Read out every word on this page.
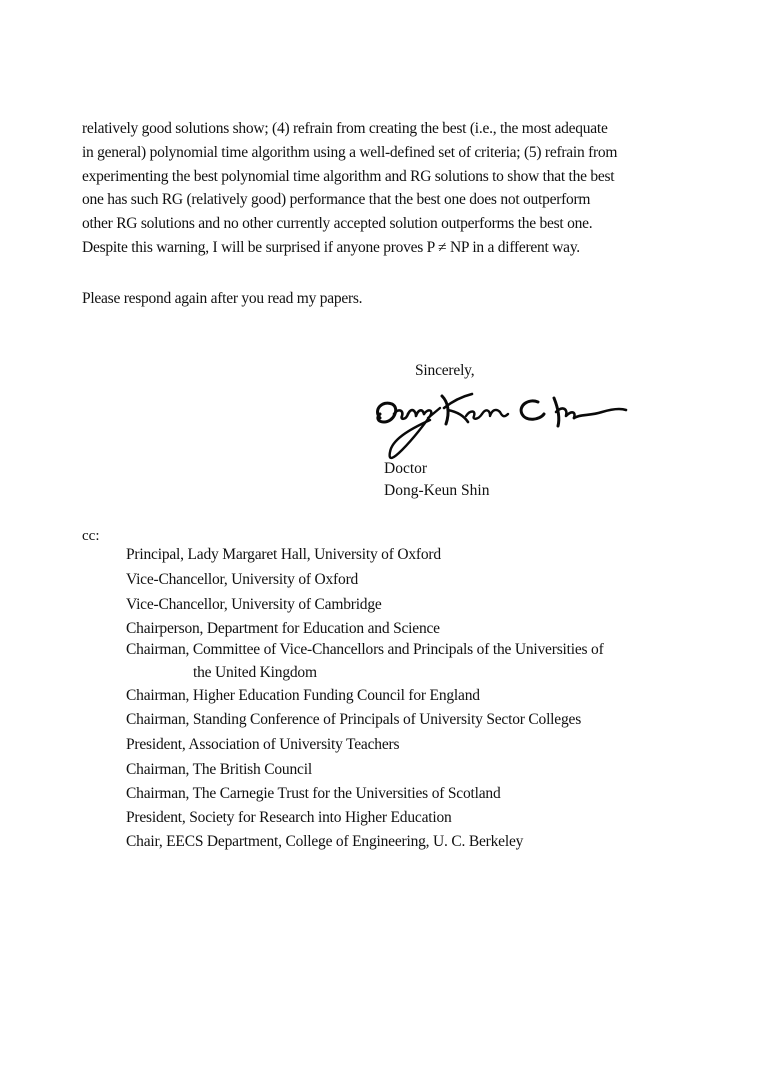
relatively good solutions show; (4) refrain from creating the best (i.e., the most adequate
in general) polynomial time algorithm using a well-defined set of criteria; (5) refrain from
experimenting the best polynomial time algorithm and RG solutions to show that the best
one has such RG (relatively good) performance that the best one does not outperform
other RG solutions and no other currently accepted solution outperforms the best one.
Despite this warning, I will be surprised if anyone proves P ≠ NP in a different way.

Please respond again after you read my papers.

Sincerely,
Doctor
Dong-Keun Shin
cc:
Principal, Lady Margaret Hall, University of Oxford
Vice-Chancellor, University of Oxford
Vice-Chancellor, University of Cambridge
Chairperson, Department for Education and Science
Chairman, Committee of Vice-Chancellors and Principals of the Universities of
the United Kingdom
Chairman, Higher Education Funding Council for England
Chairman, Standing Conference of Principals of University Sector Colleges
President, Association of University Teachers
Chairman, The British Council
Chairman, The Carnegie Trust for the Universities of Scotland
President, Society for Research into Higher Education
Chair, EECS Department, College of Engineering, U. C. Berkeley
